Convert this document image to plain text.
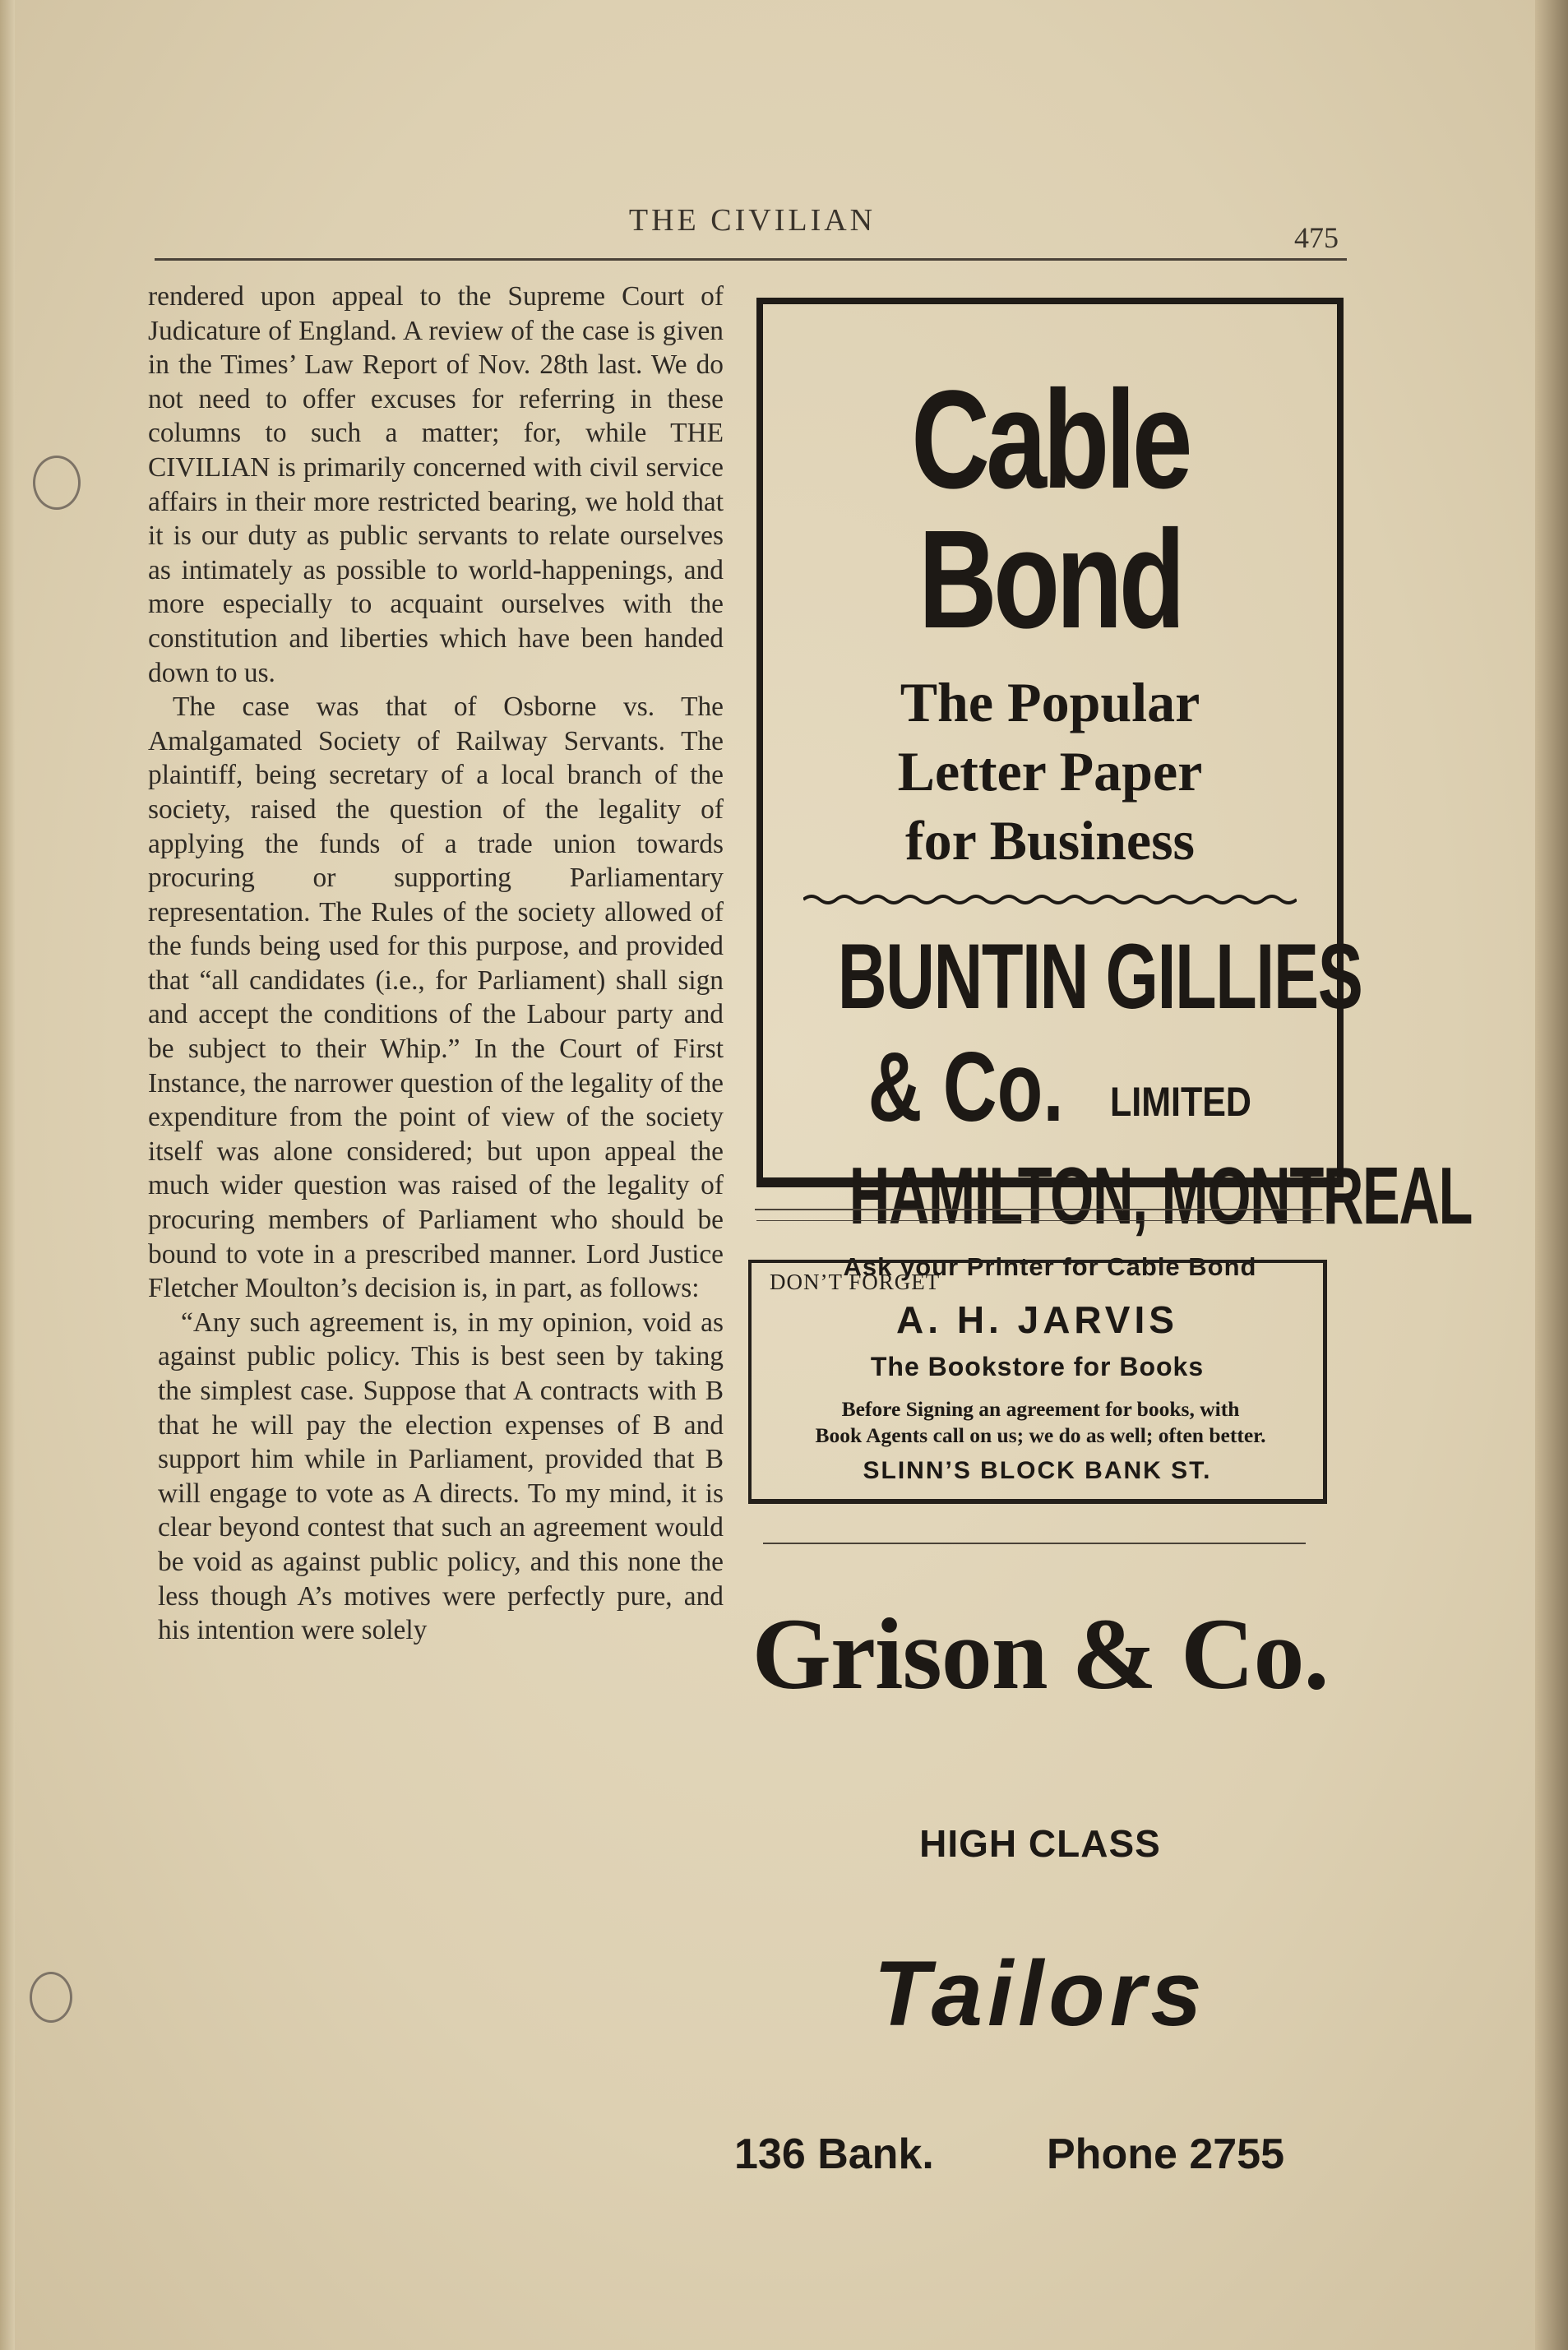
THE CIVILIAN	475

rendered upon appeal to the Supreme Court of Judicature of England. A review of the case is given in the Times’ Law Report of Nov. 28th last. We do not need to offer excuses for referring in these columns to such a matter; for, while THE CIVILIAN is primarily concerned with civil service affairs in their more restricted bearing, we hold that it is our duty as public servants to relate ourselves as intimately as possible to world-happenings, and more especially to acquaint ourselves with the constitution and liberties which have been handed down to us.

The case was that of Osborne vs. The Amalgamated Society of Railway Servants. The plaintiff, being secretary of a local branch of the society, raised the question of the legality of applying the funds of a trade union towards procuring or supporting Parliamentary representation. The Rules of the society allowed of the funds being used for this purpose, and provided that “all candidates (i.e., for Parliament) shall sign and accept the conditions of the Labour party and be subject to their Whip.” In the Court of First Instance, the narrower question of the legality of the expenditure from the point of view of the society itself was alone considered; but upon appeal the much wider question was raised of the legality of procuring members of Parliament who should be bound to vote in a prescribed manner. Lord Justice Fletcher Moulton’s decision is, in part, as follows:

“Any such agreement is, in my opinion, void as against public policy. This is best seen by taking the simplest case. Suppose that A contracts with B that he will pay the election expenses of B and support him while in Parliament, provided that B will engage to vote as A directs. To my mind, it is clear beyond contest that such an agreement would be void as against public policy, and this none the less though A’s motives were perfectly pure, and his intention were solely

Cable Bond
The Popular
Letter Paper
for Business
BUNTIN GILLIES
& Co. LIMITED
HAMILTON, MONTREAL
Ask your Printer for Cable Bond
DON’T FORGET
A. H. JARVIS
The Bookstore for Books
Before Signing an agreement for books, with
Book Agents call on us; we do as well; often better.
SLINN’S BLOCK BANK ST.
Grison & Co.
HIGH CLASS
Tailors
136 Bank.	Phone 2755
